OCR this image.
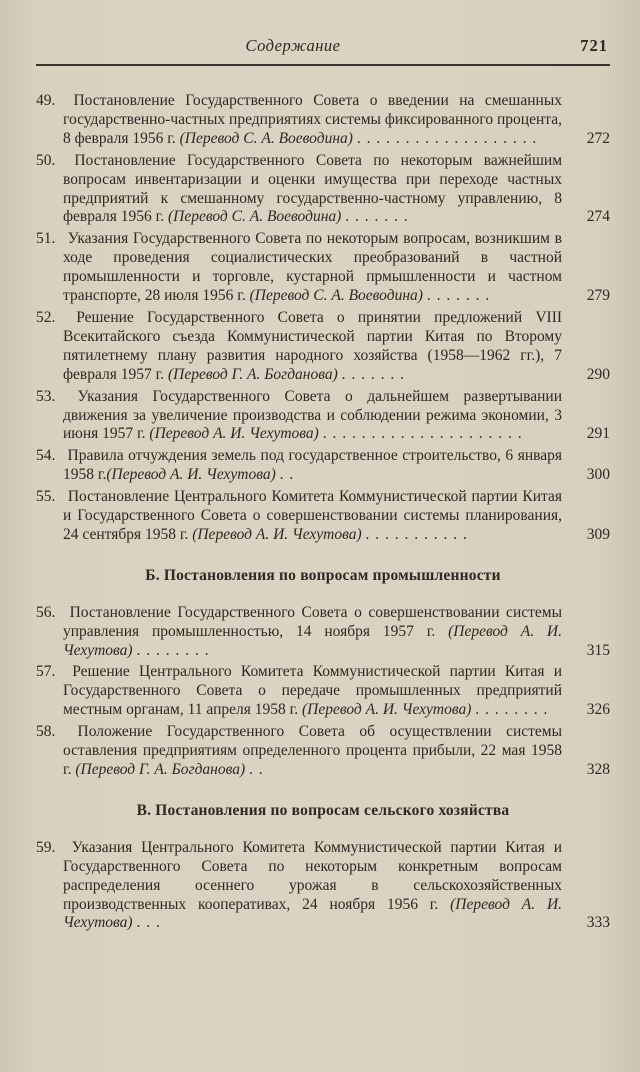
Содержание	721
49. Постановление Государственного Совета о введении на смешанных государственно-частных предприятиях системы фиксированного процента, 8 февраля 1956 г. (Перевод С. А. Воеводина) . . . . . . . . . . . . . . . . . . .	272
50. Постановление Государственного Совета по некоторым важнейшим вопросам инвентаризации и оценки имущества при переходе частных предприятий к смешанному государственно-частному управлению, 8 февраля 1956 г. (Перевод С. А. Воеводина) . . . . . . .	274
51. Указания Государственного Совета по некоторым вопросам, возникшим в ходе проведения социалистических преобразований в частной промышленности и торговле, кустарной прмышленности и частном транспорте, 28 июля 1956 г. (Перевод С. А. Воеводина) . . . . . . .	279
52. Решение Государственного Совета о принятии предложений VIII Всекитайского съезда Коммунистической партии Китая по Второму пятилетнему плану развития народного хозяйства (1958—1962 гг.), 7 февраля 1957 г. (Перевод Г. А. Богданова) . . . . . . .	290
53. Указания Государственного Совета о дальнейшем развертывании движения за увеличение производства и соблюдении режима экономии, 3 июня 1957 г. (Перевод А. И. Чехутова) . . . . . . . . . . . . . . . . . . . . .	291
54. Правила отчуждения земель под государственное строительство, 6 января 1958 г.(Перевод А. И. Чехутова) . .	300
55. Постановление Центрального Комитета Коммунистической партии Китая и Государственного Совета о совершенствовании системы планирования, 24 сентября 1958 г. (Перевод А. И. Чехутова) . . . . . . . . . . .	309
Б. Постановления по вопросам промышленности
56. Постановление Государственного Совета о совершенствовании системы управления промышленностью, 14 ноября 1957 г. (Перевод А. И. Чехутова) . . . . . . . .	315
57. Решение Центрального Комитета Коммунистической партии Китая и Государственного Совета о передаче промышленных предприятий местным органам, 11 апреля 1958 г. (Перевод А. И. Чехутова) . . . . . . . .	326
58. Положение Государственного Совета об осуществлении системы оставления предприятиям определенного процента прибыли, 22 мая 1958 г. (Перевод Г. А. Богданова) . .	328
В. Постановления по вопросам сельского хозяйства
59. Указания Центрального Комитета Коммунистической партии Китая и Государственного Совета по некоторым конкретным вопросам распределения осеннего урожая в сельскохозяйственных производственных кооперативах, 24 ноября 1956 г. (Перевод А. И. Чехутова) . . .	333
